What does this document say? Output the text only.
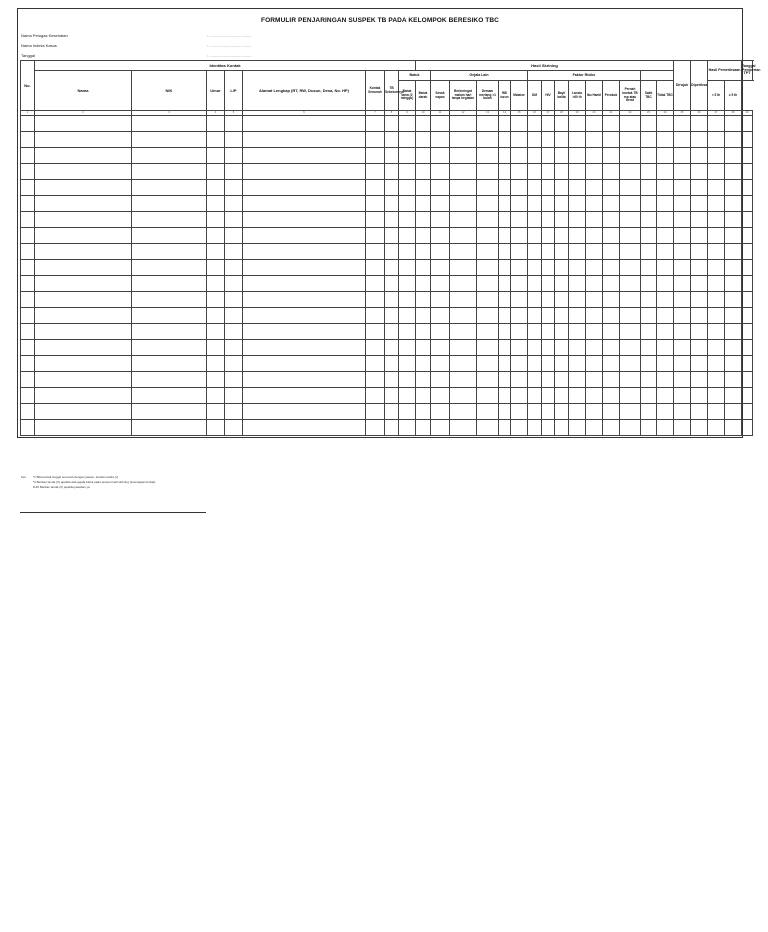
FORMULIR PENJARINGAN SUSPEK TB PADA KELOMPOK BERESIKO TBC
Nama Petugas Kesehatan	: ......................................
Nama Indeks Kasus	: ......................................
Tanggal	: ......................................
No.	Identitas Kontak								Hasil Skrining															Dirujuk	Diperiksa	Hasil Pemeriksaan		Tanggal Pemberian TPT
	Nama	NIK	Umur	L/P	Alamat Lengkap (RT, RW, Dusun, Desa, No. HP)	Kontak Serumah	TB Sebelumnya	Batuk		Gejala Lain					Faktor Risiko													
								Batuk lama (2 minggu)	Batuk darah	Sesak napas	Berkeringat malam hari tanpa kegiatan	Demam meriang >1 bulan	BB turun	Malaise	DM	HIV	Bayi/ balita	Lansia >60 th	Ibu Hamil	Perokok	Pernah kontak TB rsp atau berat	Sakit TBC	Tidak TBC			< 5 th	≥ 5 th	
1	2	3	4	5	6	7	8	9	10	11	12	13	14	15	16	17	18	19	20	21	22	23	24	25	26	27	28	29

Ket: *1 Bila kontak tinggal serumah dengan pasien, berikan tanda (v)
*2 Berikan tanda (X) apabila ada gejala batuk pada proses hasil skrining (investigasi kontak)
8-20 Berikan tanda (X) apabila jawaban ya
